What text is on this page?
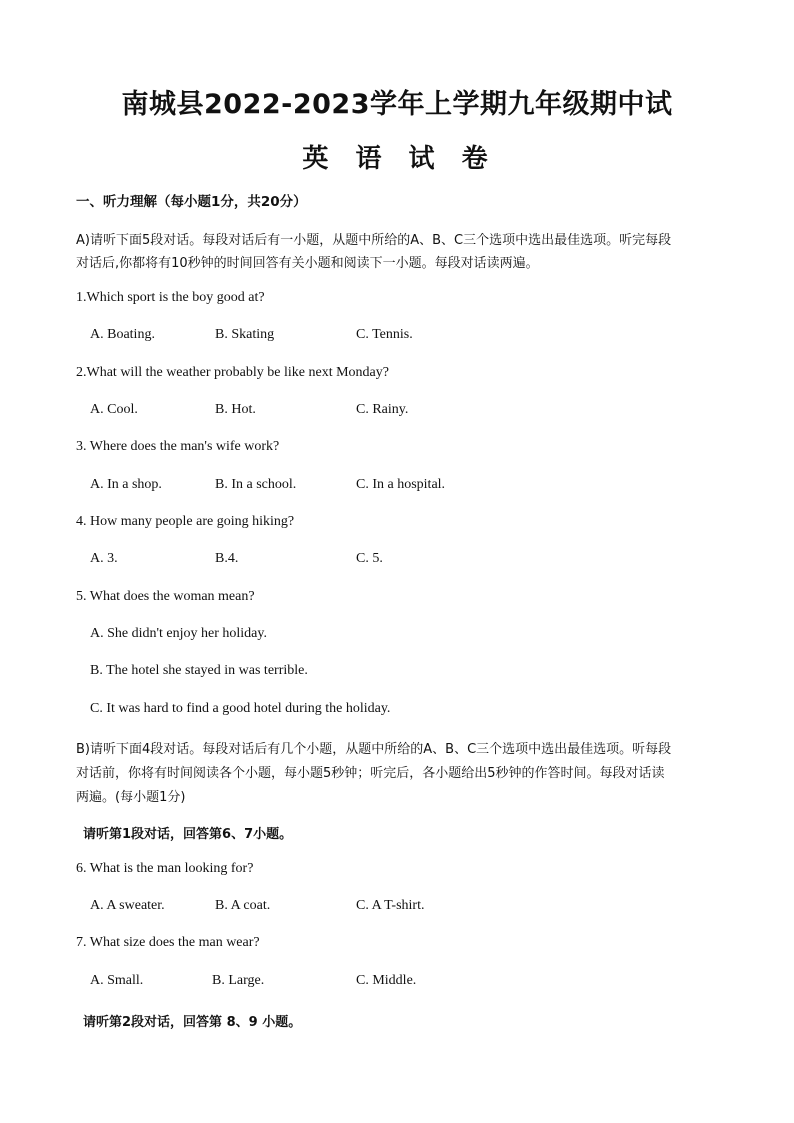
南城县2022-2023学年上学期九年级期中试
英 语 试 卷
一、听力理解（每小题1分，共20分）
A)请听下面5段对话。每段对话后有一小题，从题中所给的A、B、C三个选项中选出最佳选项。听完每段
对话后,你都将有10秒钟的时间回答有关小题和阅读下一小题。每段对话读两遍。
1.Which sport is the boy good at?
A. Boating.	B. Skating	C. Tennis.
2.What will the weather probably be like next Monday?
A. Cool.	B. Hot.	C. Rainy.
3. Where does the man's wife work?
A. In a shop.	B. In a school.	C. In a hospital.
4. How many people are going hiking?
A. 3.	B.4.	C. 5.
5. What does the woman mean?
A. She didn't enjoy her holiday.
B. The hotel she stayed in was terrible.
C. It was hard to find a good hotel during the holiday.
B)请听下面4段对话。每段对话后有几个小题，从题中所给的A、B、C三个选项中选出最佳选项。听每段
对话前，你将有时间阅读各个小题，每小题5秒钟；听完后，各小题给出5秒钟的作答时间。每段对话读
两遍。(每小题1分)
请听第1段对话，回答第6、7小题。
6. What is the man looking for?
A. A sweater.	B. A coat.	C. A T-shirt.
7. What size does the man wear?
A. Small.	B. Large.	C. Middle.
请听第2段对话，回答第 8、9 小题。
